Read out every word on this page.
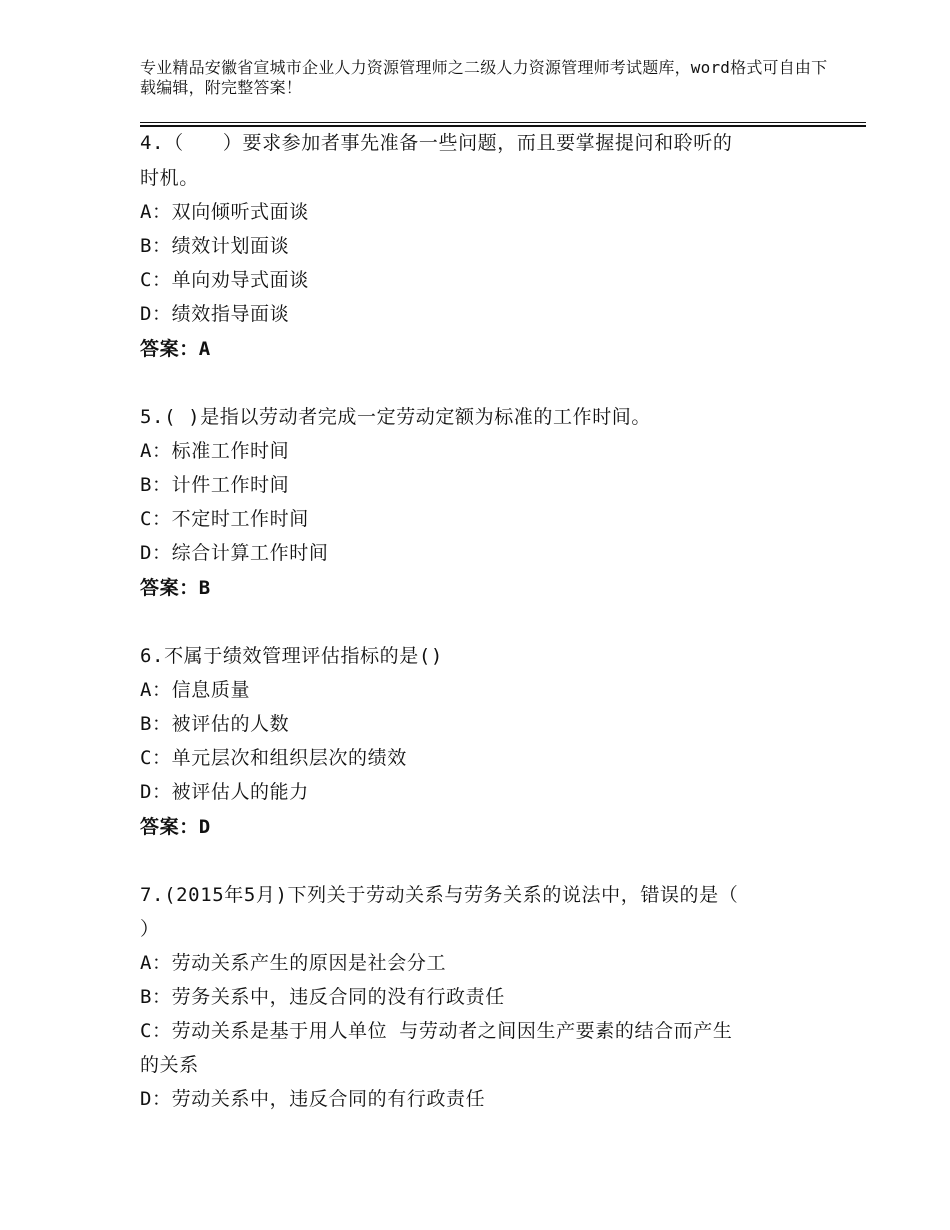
专业精品安徽省宣城市企业人力资源管理师之二级人力资源管理师考试题库，word格式可自由下载编辑，附完整答案！
4.（　　）要求参加者事先准备一些问题，而且要掌握提问和聆听的
时机。
A：双向倾听式面谈
B：绩效计划面谈
C：单向劝导式面谈
D：绩效指导面谈
答案：A
5.( )是指以劳动者完成一定劳动定额为标准的工作时间。
A：标准工作时间
B：计件工作时间
C：不定时工作时间
D：综合计算工作时间
答案：B
6.不属于绩效管理评估指标的是()
A：信息质量
B：被评估的人数
C：单元层次和组织层次的绩效
D：被评估人的能力
答案：D
7.(2015年5月)下列关于劳动关系与劳务关系的说法中，错误的是（
）
A：劳动关系产生的原因是社会分工
B：劳务关系中，违反合同的没有行政责任
C：劳动关系是基于用人单位 与劳动者之间因生产要素的结合而产生
的关系
D：劳动关系中，违反合同的有行政责任
